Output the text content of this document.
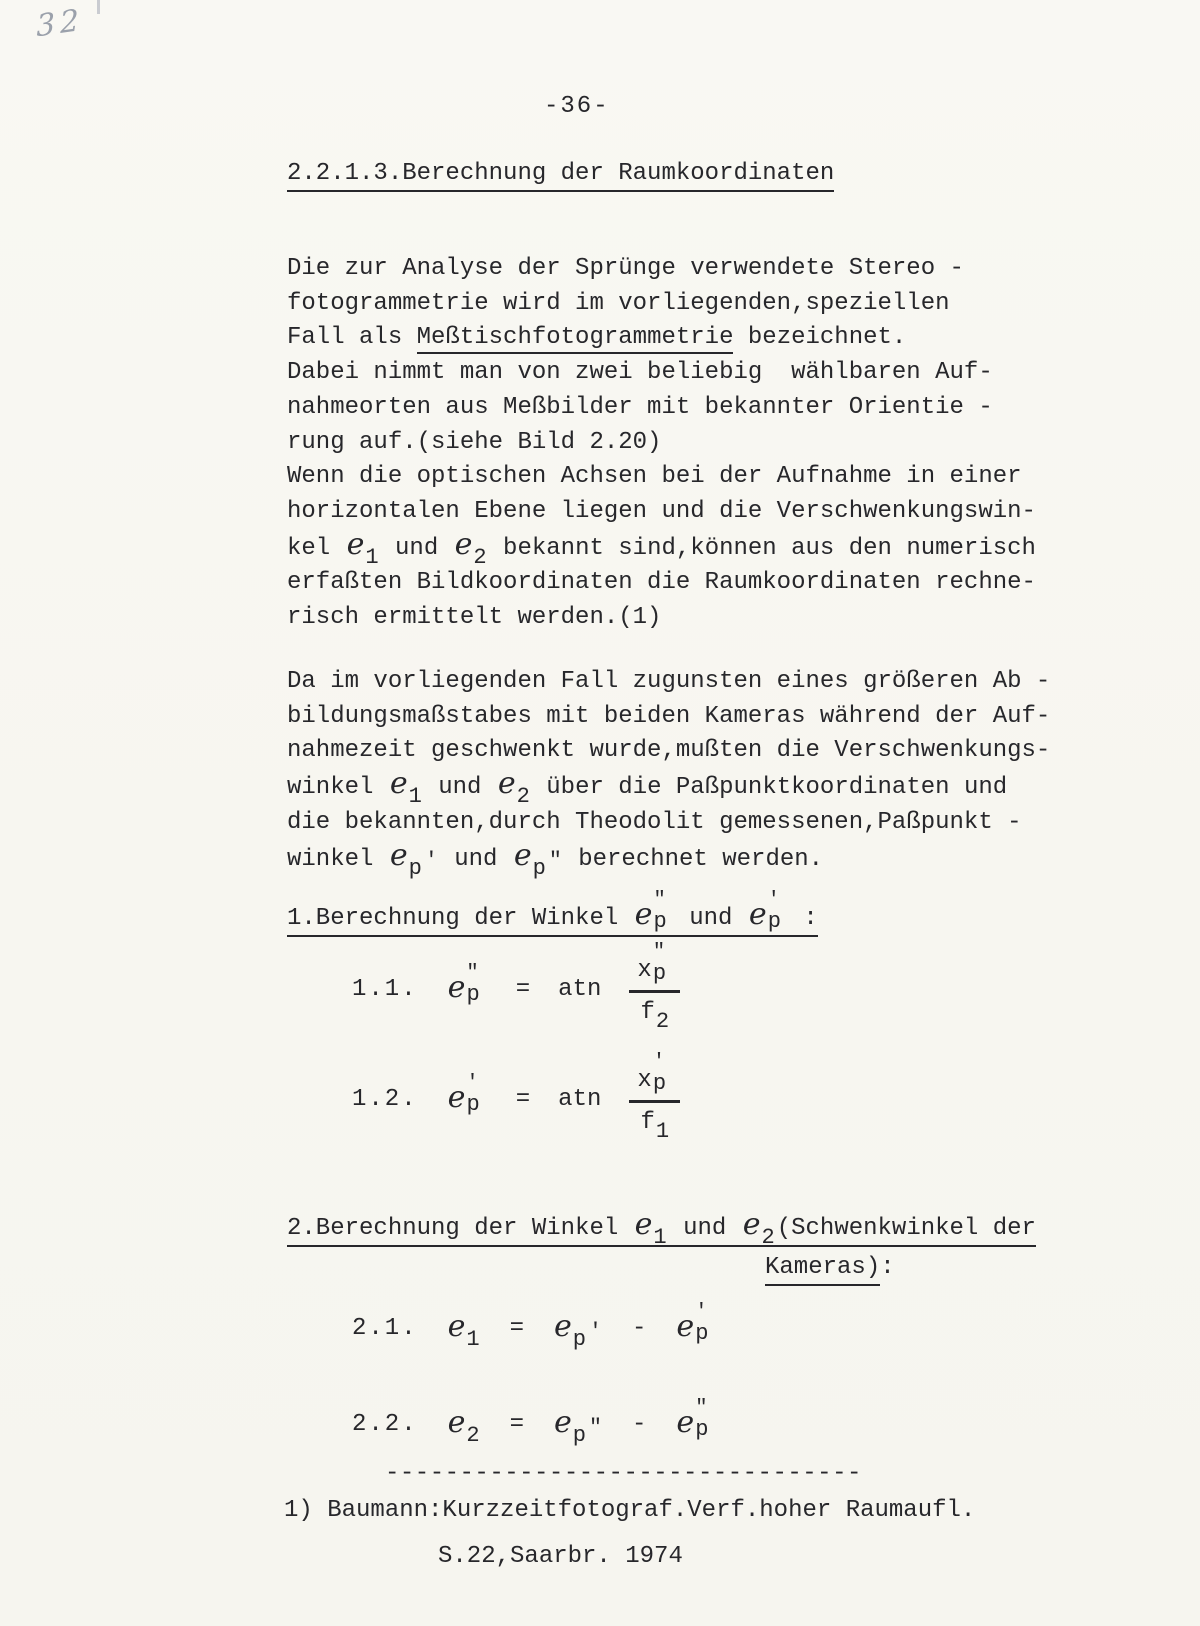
32
-36-
2.2.1.3.Berechnung der Raumkoordinaten
Die zur Analyse der Sprünge verwendete Stereo -
fotogrammetrie wird im vorliegenden,speziellen
Fall als Meßtischfotogrammetrie bezeichnet.
Dabei nimmt man von zwei beliebig  wählbaren Auf-
nahmeorten aus Meßbilder mit bekannter Orientie -
rung auf.(siehe Bild 2.20)
Wenn die optischen Achsen bei der Aufnahme in einer
horizontalen Ebene liegen und die Verschwenkungswin-
kel ℯ1 und ℯ2 bekannt sind,können aus den numerisch
erfaßten Bildkoordinaten die Raumkoordinaten rechne-
risch ermittelt werden.(1)
Da im vorliegenden Fall zugunsten eines größeren Ab -
bildungsmaßstabes mit beiden Kameras während der Auf-
nahmezeit geschwenkt wurde,mußten die Verschwenkungs-
winkel ℯ1 und ℯ2 über die Paßpunktkoordinaten und
die bekannten,durch Theodolit gemessenen,Paßpunkt -
winkel ℯp ′ und ℯp ″ berechnet werden.
1.Berechnung der Winkel ℯ ″
p und ℯ ′
p :
1.1. ℯ ″
p = atn x
″
p
f2
1.2. ℯ ′
p = atn x
′
p
f1
2.Berechnung der Winkel ℯ1 und ℯ2(Schwenkwinkel der
Kameras):
2.1. ℯ1 = ℯp ′ - ℯ ′
p
2.2. ℯ2 = ℯp ″ - ℯ ″
p
--------------------------------
1) Baumann:Kurzzeitfotograf.Verf.hoher Raumaufl.
S.22,Saarbr. 1974
